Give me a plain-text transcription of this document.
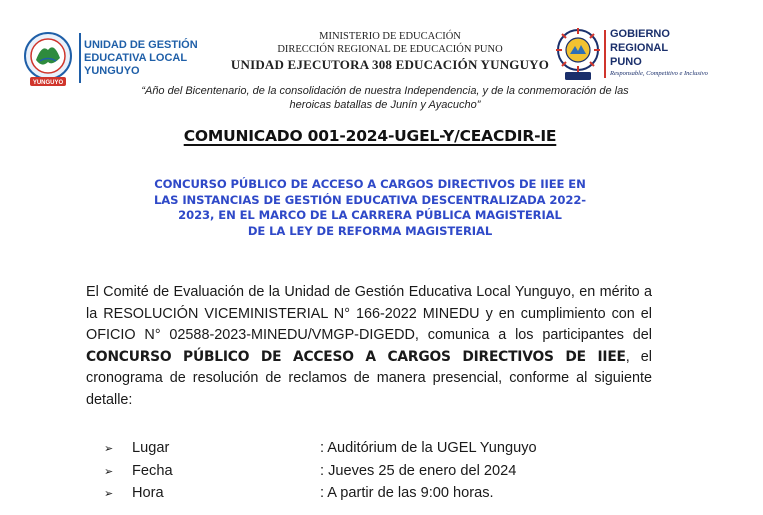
YUNGUYO
UNIDAD DE GESTIÓN
EDUCATIVA LOCAL
YUNGUYO
MINISTERIO DE EDUCACIÓN
DIRECCIÓN REGIONAL DE EDUCACIÓN PUNO
UNIDAD EJECUTORA 308 EDUCACIÓN YUNGUYO
GOBIERNO
REGIONAL
PUNO
Responsable, Competitivo e Inclusivo
“Año del Bicentenario, de la consolidación de nuestra Independencia, y de la conmemoración de las
heroicas batallas de Junín y Ayacucho”
COMUNICADO 001-2024-UGEL-Y/CEACDIR-IE
CONCURSO PÚBLICO DE ACCESO A CARGOS DIRECTIVOS DE IIEE EN
LAS INSTANCIAS DE GESTIÓN EDUCATIVA DESCENTRALIZADA 2022-
2023, EN EL MARCO DE LA CARRERA PÚBLICA MAGISTERIAL
DE LA LEY DE REFORMA MAGISTERIAL
El Comité de Evaluación de la Unidad de Gestión Educativa Local Yunguyo, en mérito a la RESOLUCIÓN VICEMINISTERIAL N° 166-2022 MINEDU y en cumplimiento con el OFICIO N° 02588-2023-MINEDU/VMGP-DIGEDD, comunica a los participantes del CONCURSO PÚBLICO DE ACCESO A CARGOS DIRECTIVOS DE IIEE, el cronograma de resolución de reclamos de manera presencial, conforme al siguiente detalle:
➢ Lugar	: Auditórium de la UGEL Yunguyo
➢ Fecha	: Jueves 25 de enero del 2024
➢ Hora	: A partir de las 9:00 horas.
